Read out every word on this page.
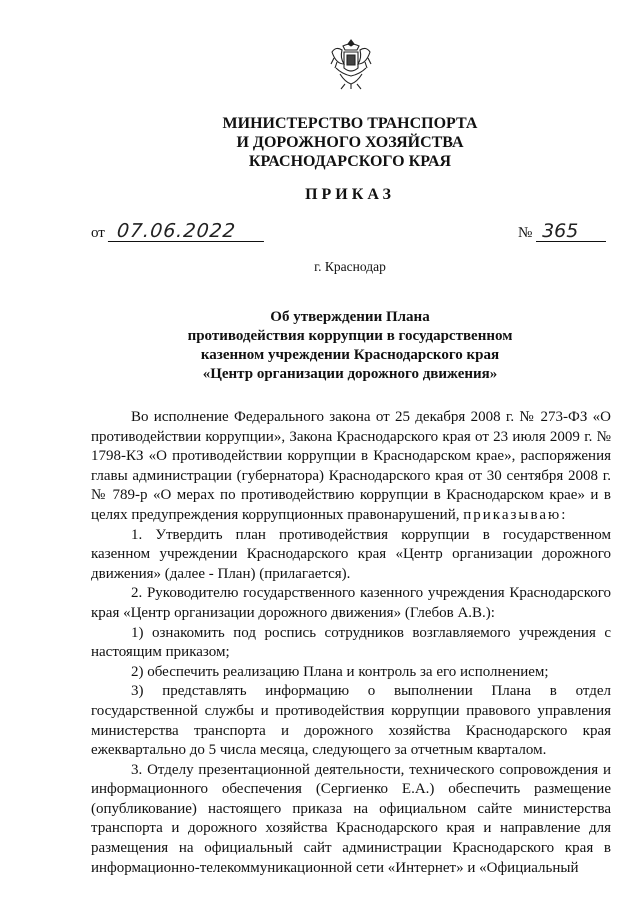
МИНИСТЕРСТВО ТРАНСПОРТА
И ДОРОЖНОГО ХОЗЯЙСТВА
КРАСНОДАРСКОГО КРАЯ
ПРИКАЗ
от 07.06.2022	№ 365
г. Краснодар
Об утверждении Плана
противодействия коррупции в государственном
казенном учреждении Краснодарского края
«Центр организации дорожного движения»

Во исполнение Федерального закона от 25 декабря 2008 г. № 273-ФЗ «О противодействии коррупции», Закона Краснодарского края от 23 июля 2009 г. № 1798-КЗ «О противодействии коррупции в Краснодарском крае», распоряжения главы администрации (губернатора) Краснодарского края от 30 сентября 2008 г. № 789-р «О мерах по противодействию коррупции в Краснодарском крае» и в целях предупреждения коррупционных правонарушений, приказываю:

1. Утвердить план противодействия коррупции в государственном казенном учреждении Краснодарского края «Центр организации дорожного движения» (далее - План) (прилагается).

2. Руководителю государственного казенного учреждения Краснодарского края «Центр организации дорожного движения» (Глебов А.В.):

1) ознакомить под роспись сотрудников возглавляемого учреждения с настоящим приказом;

2) обеспечить реализацию Плана и контроль за его исполнением;

3) представлять информацию о выполнении Плана в отдел государственной службы и противодействия коррупции правового управления министерства транспорта и дорожного хозяйства Краснодарского края ежеквартально до 5 числа месяца, следующего за отчетным кварталом.

3. Отделу презентационной деятельности, технического сопровождения и информационного обеспечения (Сергиенко Е.А.) обеспечить размещение (опубликование) настоящего приказа на официальном сайте министерства транспорта и дорожного хозяйства Краснодарского края и направление для размещения на официальный сайт администрации Краснодарского края в информационно-телекоммуникационной сети «Интернет» и «Официальный
